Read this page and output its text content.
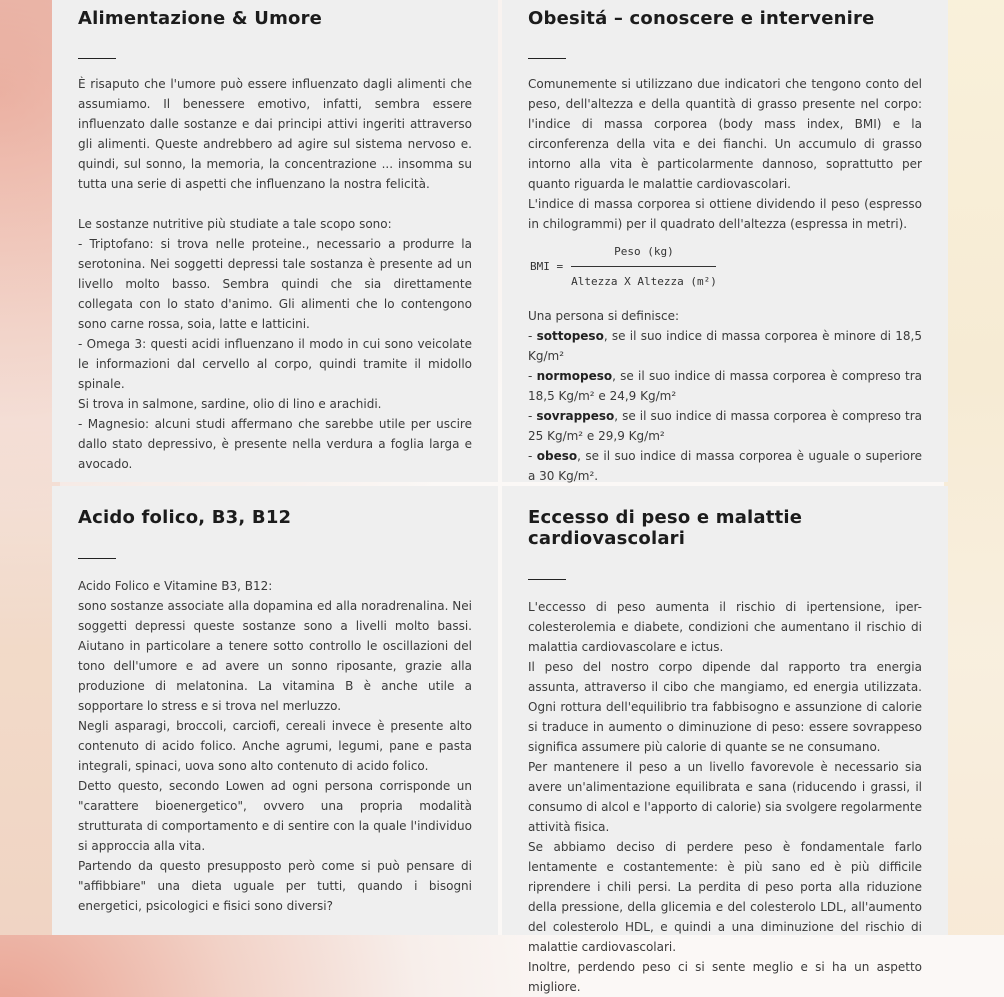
Alimentazione & Umore

È risaputo che l'umore può essere influenzato dagli alimenti che assumiamo. Il benessere emotivo, infatti, sembra essere influenzato dalle sostanze e dai principi attivi ingeriti attraverso gli alimenti. Queste andrebbero ad agire sul sistema nervoso e. quindi, sul sonno, la memoria, la concentrazione ... insomma su tutta una serie di aspetti che influenzano la nostra felicità.

Le sostanze nutritive più studiate a tale scopo sono:

- Triptofano: si trova nelle proteine., necessario a produrre la serotonina. Nei soggetti depressi tale sostanza è presente ad un livello molto basso. Sembra quindi che sia direttamente collegata con lo stato d'animo. Gli alimenti che lo contengono sono carne rossa, soia, latte e latticini.

- Omega 3: questi acidi influenzano il modo in cui sono veicolate le informazioni dal cervello al corpo, quindi tramite il midollo spinale.

Si trova in salmone, sardine, olio di lino e arachidi.

- Magnesio: alcuni studi affermano che sarebbe utile per uscire dallo stato depressivo, è presente nella verdura a foglia larga e avocado.

Obesitá – conoscere e intervenire

Comunemente si utilizzano due indicatori che tengono conto del peso, dell'altezza e della quantità di grasso presente nel corpo: l'indice di massa corporea (body mass index, BMI) e la circonferenza della vita e dei fianchi. Un accumulo di grasso intorno alla vita è particolarmente dannoso, soprattutto per quanto riguarda le malattie cardiovascolari.

L'indice di massa corporea si ottiene dividendo il peso (espresso in chilogrammi) per il quadrato dell'altezza (espressa in metri).

BMI = $\frac{\text{Peso (kg)}}{\text{Altezza X Altezza (m²)}}$

Una persona si definisce:

- sottopeso, se il suo indice di massa corporea è minore di 18,5 Kg/m²

- normopeso, se il suo indice di massa corporea è compreso tra 18,5 Kg/m² e 24,9 Kg/m²

- sovrappeso, se il suo indice di massa corporea è compreso tra 25 Kg/m² e 29,9 Kg/m²

- obeso, se il suo indice di massa corporea è uguale o superiore a 30 Kg/m².

Acido folico, B3, B12

Acido Folico e Vitamine B3, B12:

sono sostanze associate alla dopamina ed alla noradrenalina. Nei soggetti depressi queste sostanze sono a livelli molto bassi. Aiutano in particolare a tenere sotto controllo le oscillazioni del tono dell'umore e ad avere un sonno riposante, grazie alla produzione di melatonina. La vitamina B è anche utile a sopportare lo stress e si trova nel merluzzo.

Negli asparagi, broccoli, carciofi, cereali invece è presente alto contenuto di acido folico. Anche agrumi, legumi, pane e pasta integrali, spinaci, uova sono alto contenuto di acido folico.

Detto questo, secondo Lowen ad ogni persona corrisponde un "carattere bioenergetico", ovvero una propria modalità strutturata di comportamento e di sentire con la quale l'individuo si approccia alla vita.

Partendo da questo presupposto però come si può pensare di "affibbiare" una dieta uguale per tutti, quando i bisogni energetici, psicologici e fisici sono diversi?

Eccesso di peso e malattie cardiovascolari

L'eccesso di peso aumenta il rischio di ipertensione, iper-colesterolemia e diabete, condizioni che aumentano il rischio di malattia cardiovascolare e ictus.

Il peso del nostro corpo dipende dal rapporto tra energia assunta, attraverso il cibo che mangiamo, ed energia utilizzata. Ogni rottura dell'equilibrio tra fabbisogno e assunzione di calorie si traduce in aumento o diminuzione di peso: essere sovrappeso significa assumere più calorie di quante se ne consumano.

Per mantenere il peso a un livello favorevole è necessario sia avere un'alimentazione equilibrata e sana (riducendo i grassi, il consumo di alcol e l'apporto di calorie) sia svolgere regolarmente attività fisica.

Se abbiamo deciso di perdere peso è fondamentale farlo lentamente e costantemente: è più sano ed è più difficile riprendere i chili persi. La perdita di peso porta alla riduzione della pressione, della glicemia e del colesterolo LDL, all'aumento del colesterolo HDL, e quindi a una diminuzione del rischio di malattie cardiovascolari.

Inoltre, perdendo peso ci si sente meglio e si ha un aspetto migliore.
